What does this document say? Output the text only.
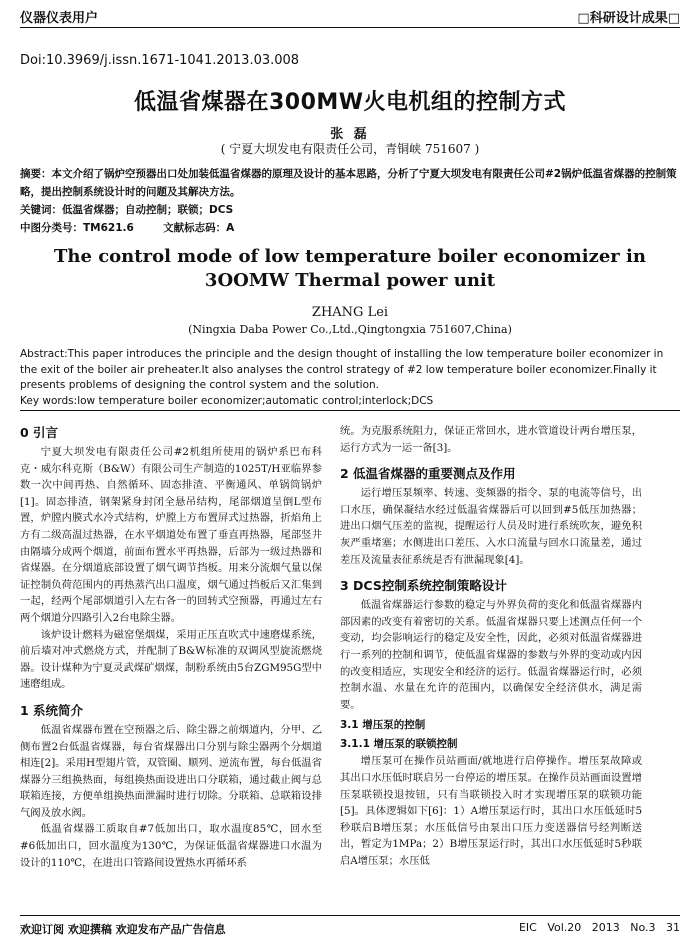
仪器仪表用户	□科研设计成果□
Doi:10.3969/j.issn.1671-1041.2013.03.008
低温省煤器在300MW火电机组的控制方式
张 磊
( 宁夏大坝发电有限责任公司，青铜峡 751607 )

摘要：本文介绍了锅炉空预器出口处加装低温省煤器的原理及设计的基本思路，分析了宁夏大坝发电有限责任公司#2锅炉低温省煤器的控制策略，提出控制系统设计时的问题及其解决方法。

关键词：低温省煤器；自动控制；联锁；DCS

中图分类号：TM621.6        文献标志码：A

The control mode of low temperature boiler economizer in 3OOMW Thermal power unit
ZHANG Lei
(Ningxia Daba Power Co.,Ltd.,Qingtongxia 751607,China)

Abstract:This paper introduces the principle and the design thought of installing the low temperature boiler economizer in the exit of the boiler air preheater.It also analyses the control strategy of #2 low temperature boiler economizer.Finally it presents problems of designing the control system and the solution.

Key words:low temperature boiler economizer;automatic control;interlock;DCS

0 引言

宁夏大坝发电有限责任公司#2机组所使用的锅炉系巴布科克・威尔科克斯（B&W）有限公司生产制造的1025T/H亚临界参数一次中间再热、自然循环、固态排渣、平衡通风、单锅筒锅炉[1]。固态排渣，钢架紧身封闭全悬吊结构，尾部烟道呈倒L型布置，炉膛内膜式水冷式结构，炉膛上方布置屏式过热器，折焰角上方有二级高温过热器，在水平烟道处布置了垂直再热器，尾部竖井由隔墙分成两个烟道，前面布置水平再热器，后部为一级过热器和省煤器。在分烟道底部设置了烟气调节挡板。用来分流烟气量以保证控制负荷范围内的再热蒸汽出口温度，烟气通过挡板后又汇集到一起，经两个尾部烟道引入左右各一的回转式空预器，再通过左右两个烟道分四路引入2台电除尘器。

该炉设计燃料为磁窑堡烟煤，采用正压直吹式中速磨煤系统，前后墙对冲式燃烧方式，并配制了B&W标准的双调风型旋流燃烧器。设计煤种为宁夏灵武煤矿烟煤，制粉系统由5台ZGM95G型中速磨组成。

1 系统简介

低温省煤器布置在空预器之后、除尘器之前烟道内，分甲、乙侧布置2台低温省煤器，每台省煤器出口分别与除尘器两个分烟道相连[2]。采用H型翅片管，双管圈、顺列、逆流布置，每台低温省煤器分三组换热面，每组换热面设进出口分联箱，通过截止阀与总联箱连接，方便单组换热面泄漏时进行切除。分联箱、总联箱设排气阀及放水阀。

低温省煤器工质取自#7低加出口，取水温度85℃，回水至#6低加出口，回水温度为130℃，为保证低温省煤器进口水温为设计的110℃，在进出口管路间设置热水再循环系

统。为克服系统阻力，保证正常回水，进水管道设计两台增压泵，运行方式为一运一备[3]。

2 低温省煤器的重要测点及作用

运行增压泵频率、转速、变频器的指令、泵的电流等信号，出口水压，确保凝结水经过低温省煤器后可以回到#5低压加热器；进出口烟气压差的监视，提醒运行人员及时进行系统吹灰，避免积灰严重堵塞；水侧进出口差压、入水口流量与回水口流量差，通过差压及流量表征系统是否有泄漏现象[4]。

3 DCS控制系统控制策略设计

低温省煤器运行参数的稳定与外界负荷的变化和低温省煤器内部因素的改变有着密切的关系。低温省煤器只要上述测点任何一个变动，均会影响运行的稳定及安全性，因此，必须对低温省煤器进行一系列的控制和调节，使低温省煤器的参数与外界的变动或内因的改变相适应，实现安全和经济的运行。低温省煤器运行时，必须控制水温、水量在允许的范围内，以确保安全经济供水，满足需要。

3.1 增压泵的控制
3.1.1 增压泵的联锁控制

增压泵可在操作员站画面/就地进行启停操作。增压泵故障或其出口水压低时联启另一台停运的增压泵。在操作员站画面设置增压泵联锁投退按钮，只有当联锁投入时才实现增压泵的联锁功能[5]。具体逻辑如下[6]：1）A增压泵运行时，其出口水压低延时5秒联启B增压泵；水压低信号由泵出口压力变送器信号经判断送出，暂定为1MPa；2）B增压泵运行时，其出口水压低延时5秒联启A增压泵；水压低

欢迎订阅 欢迎撰稿 欢迎发布产品广告信息	EIC   Vol.20   2013   No.3   31
